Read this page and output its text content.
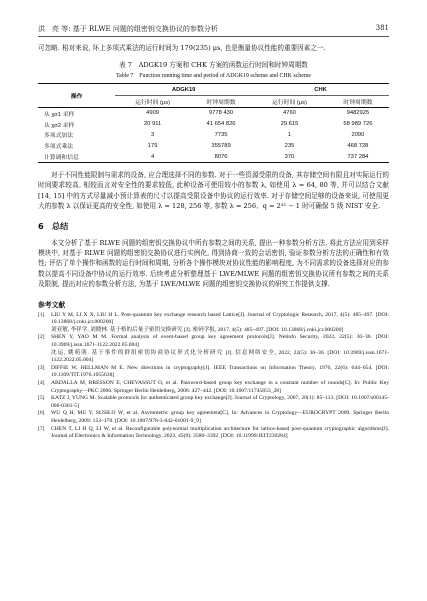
洪　亮 等: 基于 RLWE 问题的组密钥交换协议的参数分析	381

可忽略. 相对来说, 环上多项式乘法的运行时间为 179(235) μs, 也是衡量协议性能的重要因素之一.

表 7　ADGK19 方案和 CHK 方案的函数运行时间和时钟周期数
Table 7　Function running time and period of ADGK19 scheme and CHK scheme
操作	ADGK19		CHK	
	运行时间 (μs)	时钟周期数	运行时间 (μs)	时钟周期数
从 χσ1 采样	4909	9778 430	4760	9482925
从 χσ2 采样	20 911	41 654 826	29 615	58 989 726
多项式加法	3	7735	1	2090
多项式乘法	179	355789	235	468 728
计算调和信息	4	8076	370	737 284

对于不同性能限制与需求的设备, 应合理选择不同的参数. 对于一些资源受限的设备, 其存储空间有限且对实际运行的时间要求较高, 相较而言对安全性的要求较低, 此种设备可使用较小的参数 λ, 如使用 λ = 64, 80 等, 并可以结合文献 [14, 15] 中的方式尽量减小预计算表的尺寸以提高受限设备中协议的运行效率. 对于存储空间足够的设备来说, 可使用更大的参数 λ 以保证更高的安全性, 如使用 λ = 128, 256 等, 参数 λ = 256、q = 2³² − 1 时可确保 5 级 NIST 安全.

6　总结

本文分析了基于 RLWE 问题的组密钥交换协议中所有参数之间的关系, 提出一种参数分析方法. 将此方法应用到采样模块中, 对基于 RLWE 问题的组密钥交换协议进行实例化, 得到协商一致的会话密钥, 验证参数分析方法的正确性和有效性; 评估了单个操作和函数的运行时间和周期, 分析各个操作模块对协议性能的影响程度, 为不同需求的设备选择对应的参数以提高不同设备中协议的运行效率. 后续考虑分析整理基于 LWE/MLWE 问题的组密钥交换协议所有参数之间的关系及限制, 提出对应的参数分析方法, 为基于 LWE/MLWE 问题的组密钥交换协议的研究工作提供支撑.

参考文献
[1]	LIU Y M, LI X X, LIU H L. Post-quantum key exchange research based Lattice[J]. Journal of Cryptologic Research, 2017, 4(5): 485–497. [DOI: 10.13868/j.cnki.jcr.000200]
刘亚敏, 李祥学, 刘晓林. 基于格的后量子密钥交换研究 [J]. 密码学报, 2017, 4(5): 485–497. [DOI: 10.13868/j.cnki.jcr.000200]
[2]	SHEN Y, YAO M M. Formal analysis of event-based group key agreement protocols[J]. Netinfo Security, 2022, 22(5): 30–36. [DOI: 10.3969/j.issn.1671-1122.2022.05.004]
沈运, 姚萌萌. 基于事件的群组密钥协商协议形式化分析研究 [J]. 信息网络安全, 2022, 22(5): 30–36. [DOI: 10.3969/j.issn.1671-1122.2022.05.004]
[3]	DIFFIE W, HELLMAN M E. New directions in cryptography[J]. IEEE Transactions on Information Theory, 1976, 22(6): 644–654. [DOI: 10.1109/TIT.1976.1055638]
[4]	ABDALLA M, BRESSON E, CHEVASSUT O, et al. Password-based group key exchange in a constant number of rounds[C]. In: Public Key Cryptography—PKC 2006. Springer Berlin Heidelberg, 2006: 427–442. [DOI: 10.1007/11745853_28]
[5]	KATZ J, YUNG M. Scalable protocols for authenticated group key exchange[J]. Journal of Cryptology, 2007, 20(1): 85–113. [DOI: 10.1007/s00145-006-0361-5]
[6]	WU Q H, MU Y, SUSILO W, et al. Asymmetric group key agreement[C]. In: Advances in Cryptology—EUROCRYPT 2009. Springer Berlin Heidelberg, 2009: 153–170. [DOI: 10.1007/978-3-642-01001-9_9]
[7]	CHEN T, LI H Q, LI W, et al. Reconfigurable polynomial multiplication architecture for lattice-based post-quantum cryptographic algorithms[J]. Journal of Electronics & Information Technology, 2023, 45(9): 3580–3392. [DOI: 10.11999/JEIT230284]
